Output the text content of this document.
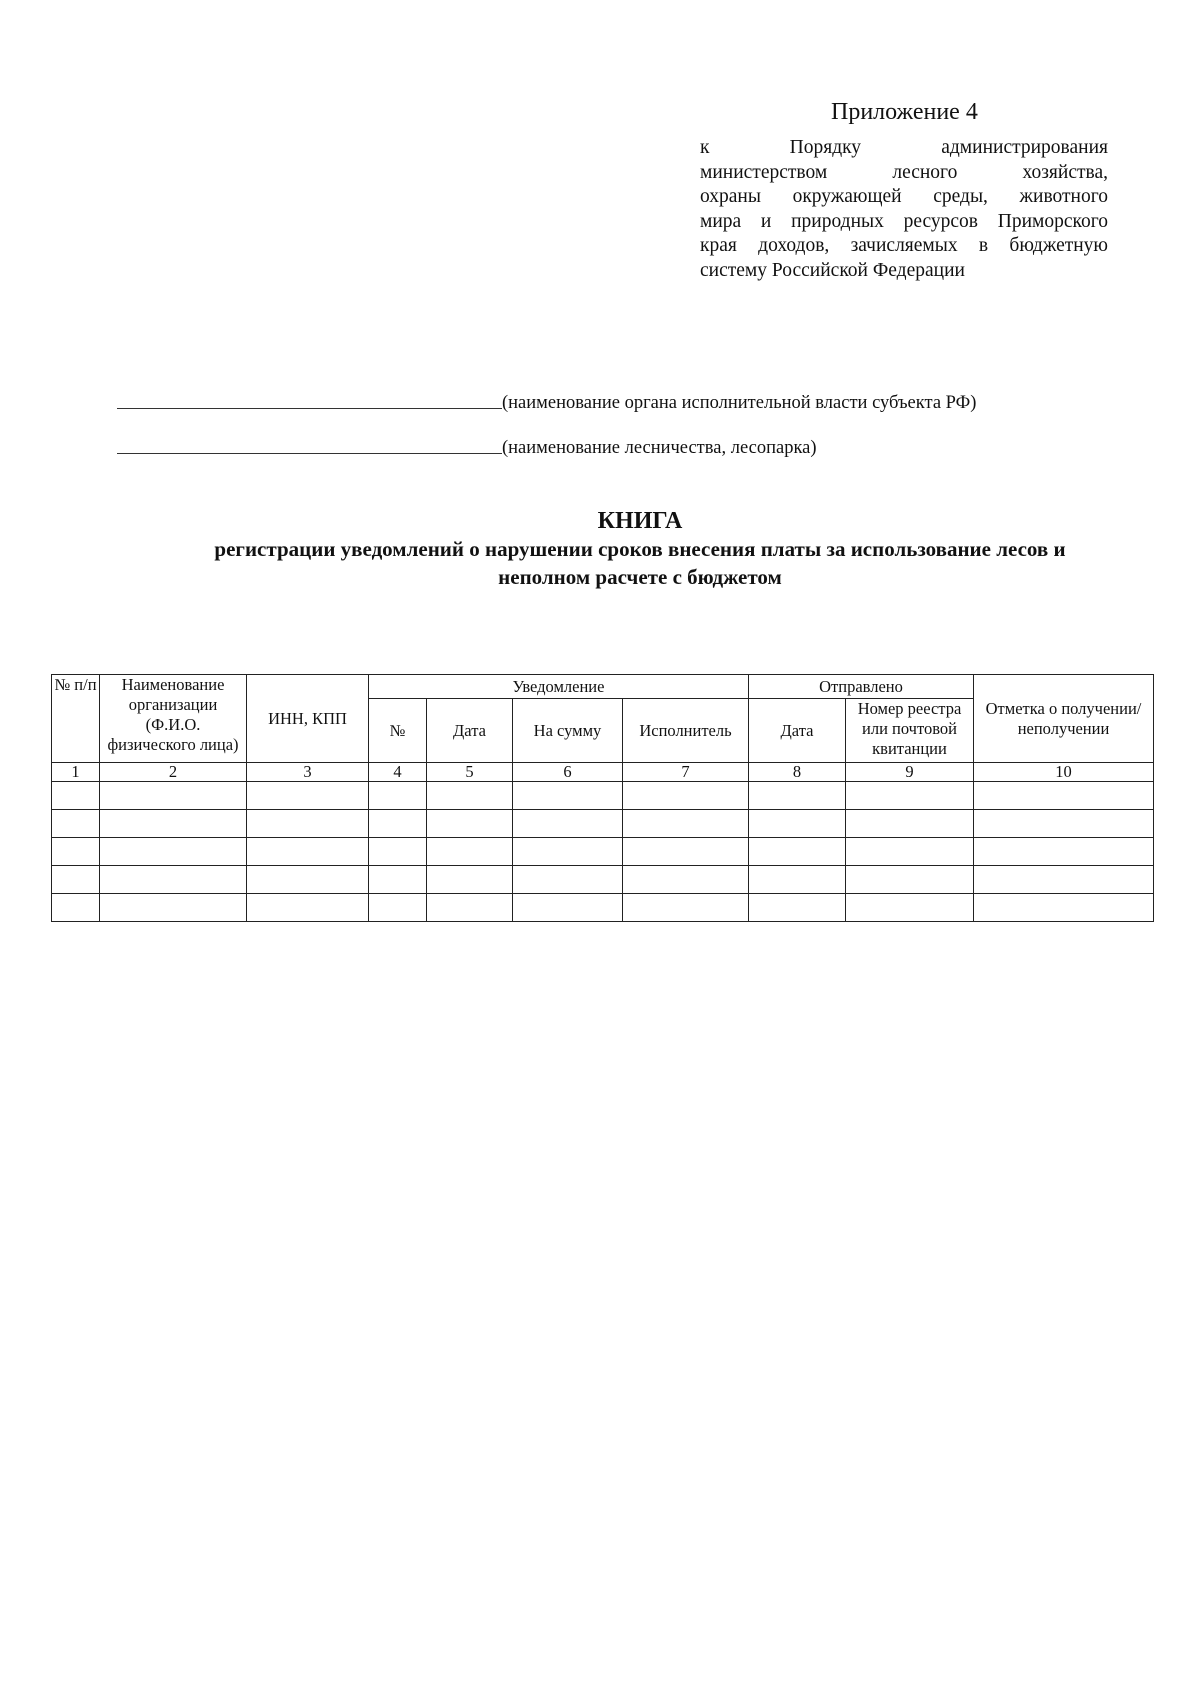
Приложение 4
к Порядку администрирования
министерством лесного хозяйства,
охраны окружающей среды, животного
мира и природных ресурсов Приморского
края доходов, зачисляемых в бюджетную
систему Российской Федерации
(наименование органа исполнительной власти субъекта РФ)
(наименование лесничества, лесопарка)
КНИГА
регистрации уведомлений о нарушении сроков внесения платы за использование лесов и
неполном расчете с бюджетом
№ п/п	Наименование организации (Ф.И.О. физического лица)	ИНН, КПП	Уведомление				Отправлено		Отметка о получении/ неполучении
			№	Дата	На сумму	Исполнитель	Дата	Номер реестра или почтовой квитанции	
1	2	3	4	5	6	7	8	9	10
